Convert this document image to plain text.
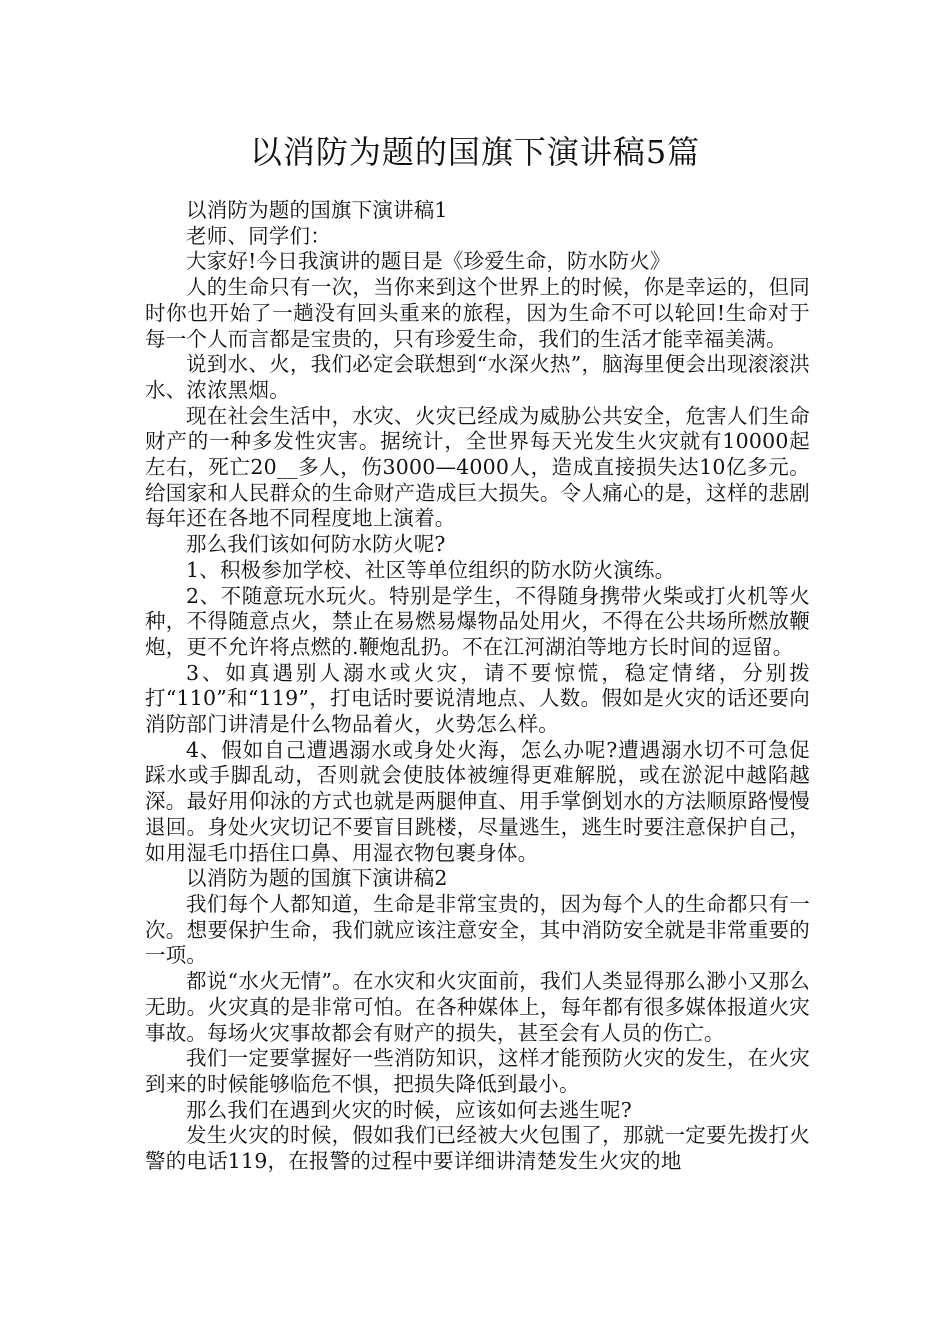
以消防为题的国旗下演讲稿5篇

以消防为题的国旗下演讲稿1

老师、同学们：

大家好!今日我演讲的题目是《珍爱生命，防水防火》

人的生命只有一次，当你来到这个世界上的时候，你是幸运的，但同时你也开始了一趟没有回头重来的旅程，因为生命不可以轮回!生命对于每一个人而言都是宝贵的，只有珍爱生命，我们的生活才能幸福美满。

说到水、火，我们必定会联想到“水深火热”，脑海里便会出现滚滚洪水、浓浓黑烟。

现在社会生活中，水灾、火灾已经成为威胁公共安全，危害人们生命财产的一种多发性灾害。据统计，全世界每天光发生火灾就有10000起左右，死亡20__多人，伤3000—4000人，造成直接损失达10亿多元。给国家和人民群众的生命财产造成巨大损失。令人痛心的是，这样的悲剧每年还在各地不同程度地上演着。

那么我们该如何防水防火呢?

1、积极参加学校、社区等单位组织的防水防火演练。

2、不随意玩水玩火。特别是学生，不得随身携带火柴或打火机等火种，不得随意点火，禁止在易燃易爆物品处用火，不得在公共场所燃放鞭炮，更不允许将点燃的.鞭炮乱扔。不在江河湖泊等地方长时间的逗留。

3、如真遇别人溺水或火灾，请不要惊慌，稳定情绪，分别拨打“110”和“119”，打电话时要说清地点、人数。假如是火灾的话还要向消防部门讲清是什么物品着火，火势怎么样。

4、假如自己遭遇溺水或身处火海，怎么办呢?遭遇溺水切不可急促踩水或手脚乱动，否则就会使肢体被缠得更难解脱，或在淤泥中越陷越深。最好用仰泳的方式也就是两腿伸直、用手掌倒划水的方法顺原路慢慢退回。身处火灾切记不要盲目跳楼，尽量逃生，逃生时要注意保护自己，如用湿毛巾捂住口鼻、用湿衣物包裹身体。

以消防为题的国旗下演讲稿2

我们每个人都知道，生命是非常宝贵的，因为每个人的生命都只有一次。想要保护生命，我们就应该注意安全，其中消防安全就是非常重要的一项。

都说“水火无情”。在水灾和火灾面前，我们人类显得那么渺小又那么无助。火灾真的是非常可怕。在各种媒体上，每年都有很多媒体报道火灾事故。每场火灾事故都会有财产的损失，甚至会有人员的伤亡。

我们一定要掌握好一些消防知识，这样才能预防火灾的发生，在火灾到来的时候能够临危不惧，把损失降低到最小。

那么我们在遇到火灾的时候，应该如何去逃生呢?

发生火灾的时候，假如我们已经被大火包围了，那就一定要先拨打火警的电话119，在报警的过程中要详细讲清楚发生火灾的地
